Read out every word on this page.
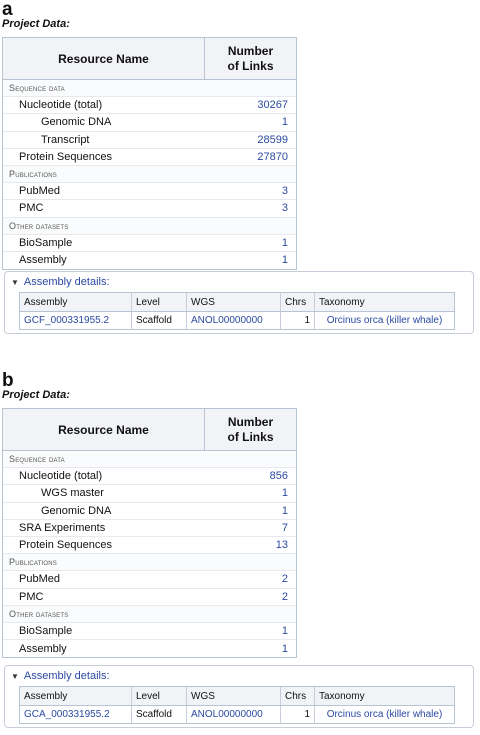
a
Project Data:
Resource Name
Number
of Links
Sequence data
Nucleotide (total)	30267
Genomic DNA	1
Transcript	28599
Protein Sequences	27870
Publications
PubMed	3
PMC	3
Other datasets
BioSample	1
Assembly	1
▼ Assembly details:
Assembly	Level	WGS	Chrs	Taxonomy
GCF_000331955.2	Scaffold	ANOL00000000	1	Orcinus orca (killer whale)
b
Project Data:
Resource Name
Number
of Links
Sequence data
Nucleotide (total)	856
WGS master	1
Genomic DNA	1
SRA Experiments	7
Protein Sequences	13
Publications
PubMed	2
PMC	2
Other datasets
BioSample	1
Assembly	1
▼ Assembly details:
Assembly	Level	WGS	Chrs	Taxonomy
GCA_000331955.2	Scaffold	ANOL00000000	1	Orcinus orca (killer whale)
